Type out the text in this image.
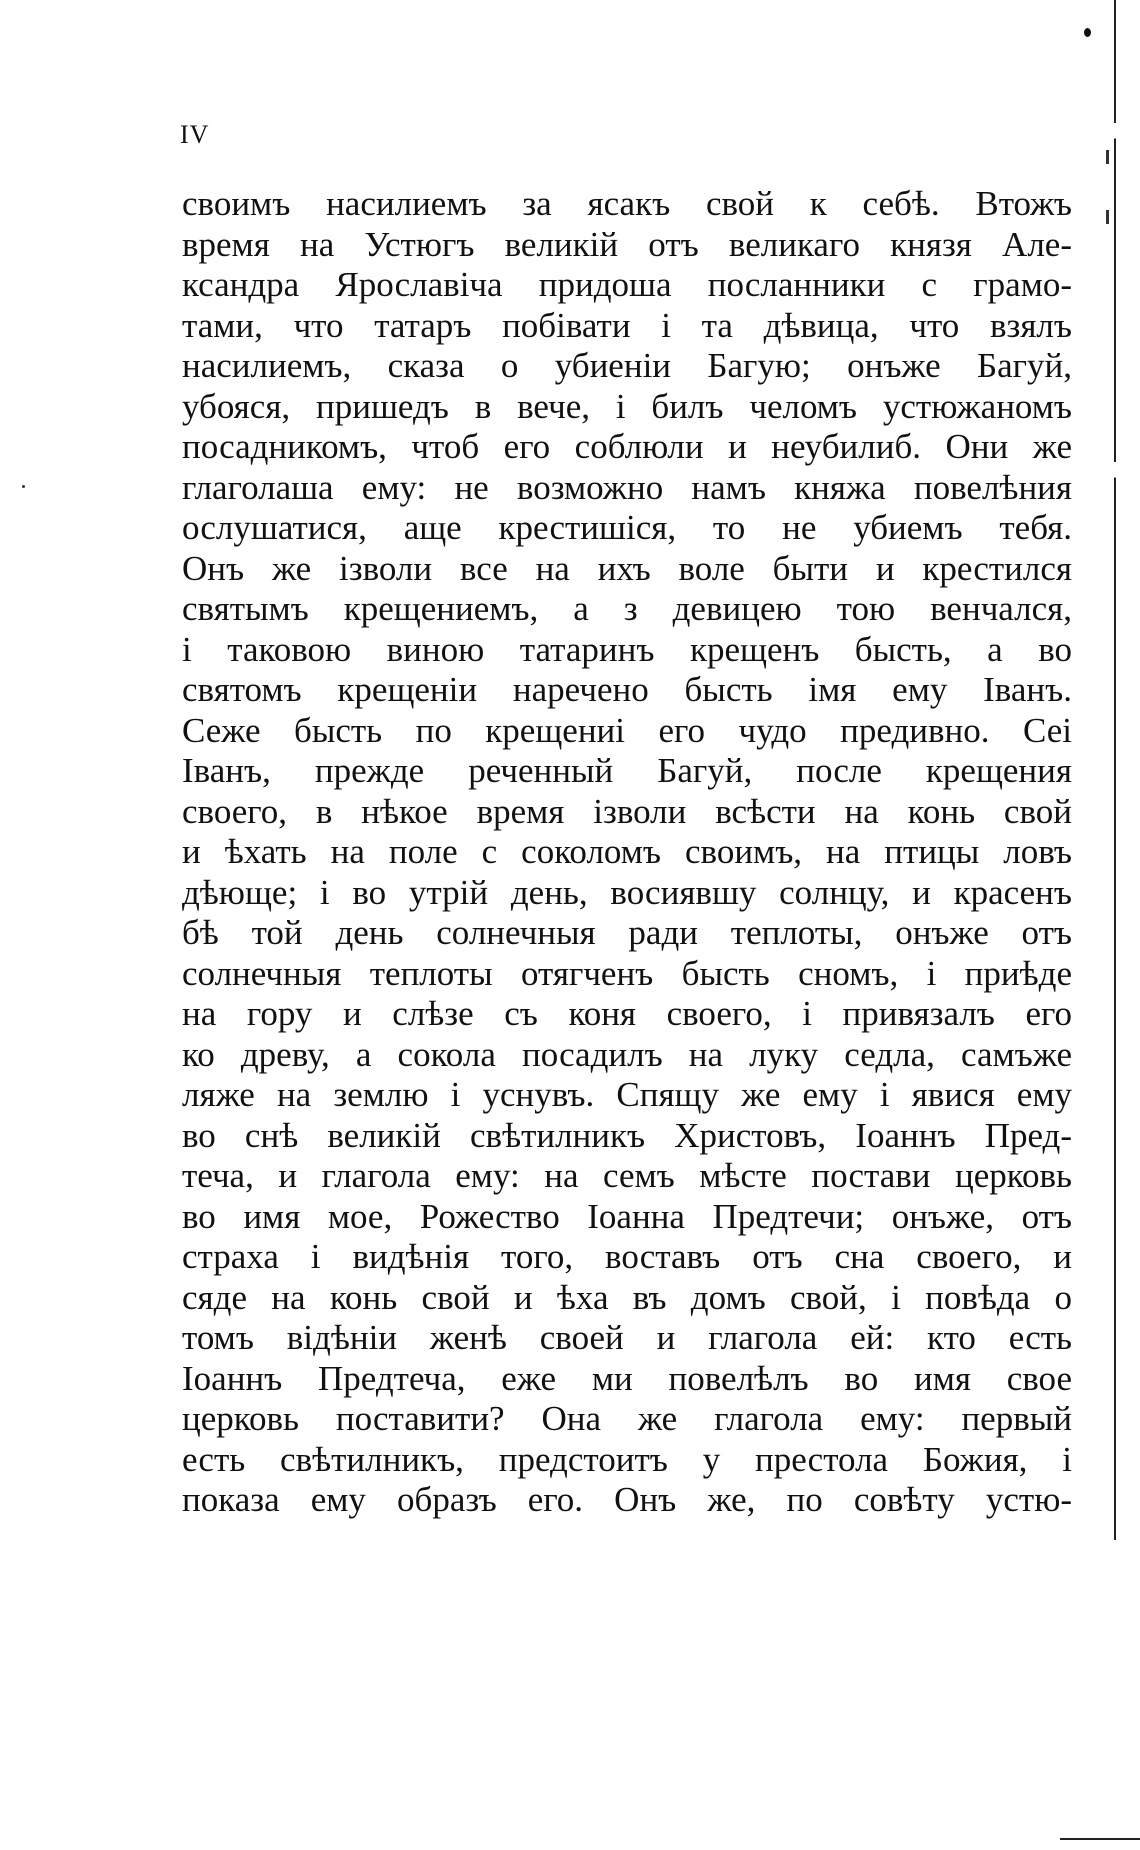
IV
своимъ насилиемъ за ясакъ свой к себѣ. Втожъ
время на Устюгъ великій отъ великаго князя Але-
ксандра Ярославіча придоша посланники с грамо-
тами, что татаръ побівати і та дѣвица, что взялъ
насилиемъ, сказа о убиеніи Багую; онъже Багуй,
убояся, пришедъ в вече, і билъ челомъ устюжаномъ
посадникомъ, чтоб его соблюли и неубилиб. Они же
глаголаша ему: не возможно намъ княжа повелѣния
ослушатися, аще крестишіся, то не убиемъ тебя.
Онъ же ізволи все на ихъ воле быти и крестился
святымъ крещениемъ, а з девицею тою венчался,
і таковою виною татаринъ крещенъ бысть, а во
святомъ крещеніи наречено бысть імя ему Іванъ.
Сеже бысть по крещениі его чудо предивно. Сеі
Іванъ, прежде реченный Багуй, после крещения
своего, в нѣкое время ізволи всѣсти на конь свой
и ѣхать на поле с соколомъ своимъ, на птицы ловъ
дѣюще; і во утрій день, восиявшу солнцу, и красенъ
бѣ той день солнечныя ради теплоты, онъже отъ
солнечныя теплоты отягченъ бысть сномъ, і приѣде
на гору и слѣзе съ коня своего, і привязалъ его
ко древу, а сокола посадилъ на луку седла, самъже
ляже на землю і уснувъ. Спящу же ему і явися ему
во снѣ великій свѣтилникъ Христовъ, Іоаннъ Пред-
теча, и глагола ему: на семъ мѣсте постави церковь
во имя мое, Рожество Іоанна Предтечи; онъже, отъ
страха і видѣнія того, воставъ отъ сна своего, и
сяде на конь свой и ѣха въ домъ свой, і повѣда о
томъ відѣніи женѣ своей и глагола ей: кто есть
Іоаннъ Предтеча, еже ми повелѣлъ во имя свое
церковь поставити? Она же глагола ему: первый
есть свѣтилникъ, предстоитъ у престола Божия, і
показа ему образъ его. Онъ же, по совѣту устю-
